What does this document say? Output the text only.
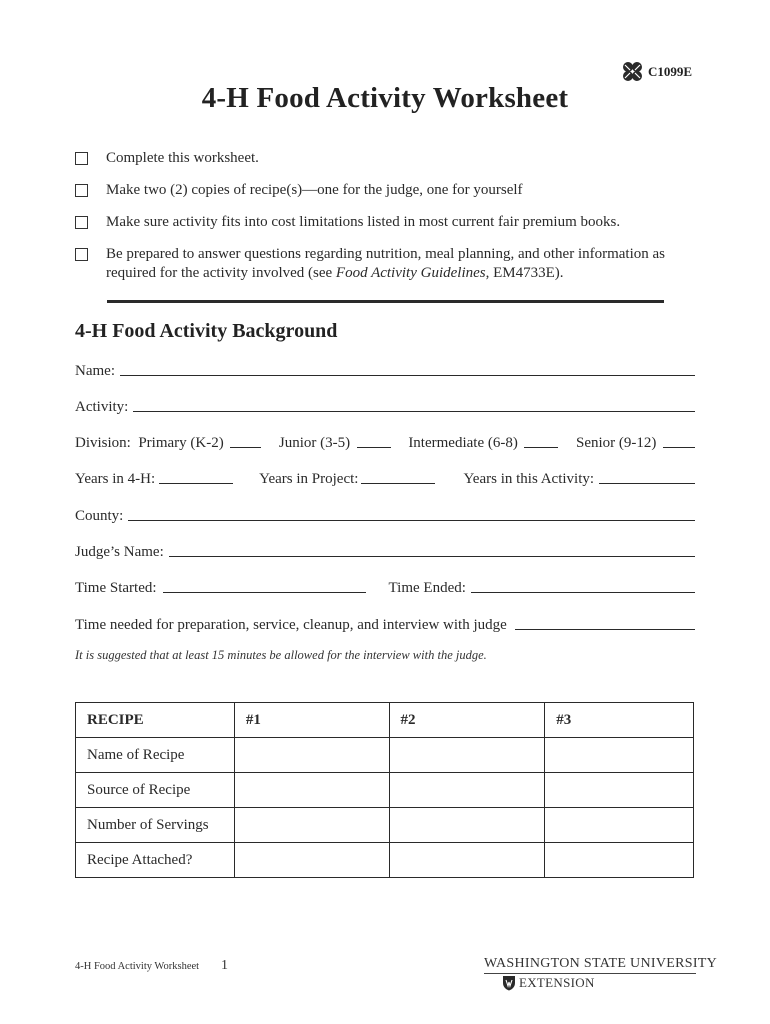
C1099E
4-H Food Activity Worksheet
Complete this worksheet.
Make two (2) copies of recipe(s)—one for the judge, one for yourself
Make sure activity fits into cost limitations listed in most current fair premium books.
Be prepared to answer questions regarding nutrition, meal planning, and other information as required for the activity involved (see Food Activity Guidelines, EM4733E).
4-H Food Activity Background
Name:
Activity:
Division: Primary (K-2)	Junior (3-5)	Intermediate (6-8)	Senior (9-12)
Years in 4-H:	Years in Project:	Years in this Activity:
County:
Judge’s Name:
Time Started:	Time Ended:
Time needed for preparation, service, cleanup, and interview with judge
It is suggested that at least 15 minutes be allowed for the interview with the judge.
RECIPE	#1	#2	#3
Name of Recipe			
Source of Recipe			
Number of Servings			
Recipe Attached?			
4-H Food Activity Worksheet 1	WASHINGTON STATE UNIVERSITY
EXTENSION
